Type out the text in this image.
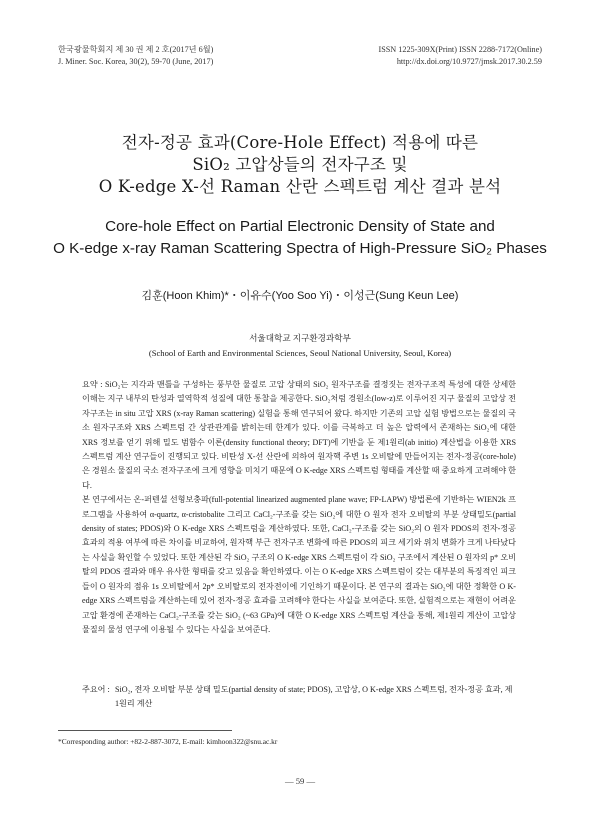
한국광물학회지 제 30 권 제 2 호(2017년 6월)
J. Miner. Soc. Korea, 30(2), 59-70 (June, 2017)
ISSN 1225-309X(Print) ISSN 2288-7172(Online)
http://dx.doi.org/10.9727/jmsk.2017.30.2.59
전자-정공 효과(Core-Hole Effect) 적용에 따른
SiO₂ 고압상들의 전자구조 및
O K-edge X-선 Raman 산란 스펙트럼 계산 결과 분석
Core-hole Effect on Partial Electronic Density of State and
O K-edge x-ray Raman Scattering Spectra of High-Pressure SiO₂ Phases
김훈(Hoon Khim)*・이유수(Yoo Soo Yi)・이성근(Sung Keun Lee)
서울대학교 지구환경과학부
(School of Earth and Environmental Sciences, Seoul National University, Seoul, Korea)

요약 : SiO₂는 지각과 맨틀을 구성하는 풍부한 물질로 고압 상태의 SiO₂ 원자구조를 결정짓는 전자구조적 특성에 대한 상세한 이해는 지구 내부의 탄성과 열역학적 성질에 대한 통찰을 제공한다. SiO₂처럼 경원소(low-z)로 이루어진 지구 물질의 고압상 전자구조는 in situ 고압 XRS (x-ray Raman scattering) 실험을 통해 연구되어 왔다. 하지만 기존의 고압 실험 방법으로는 물질의 국소 원자구조와 XRS 스펙트럼 간 상관관계를 밝히는데 한계가 있다. 이를 극복하고 더 높은 압력에서 존재하는 SiO₂에 대한 XRS 정보를 얻기 위해 밀도 범함수 이론(density functional theory; DFT)에 기반을 둔 제1원리(ab initio) 계산법을 이용한 XRS 스펙트럼 계산 연구들이 진행되고 있다. 비탄성 X-선 산란에 의하여 원자핵 주변 1s 오비탈에 만들어지는 전자-정공(core-hole)은 경원소 물질의 국소 전자구조에 크게 영향을 미치기 때문에 O K-edge XRS 스펙트럼 형태를 계산할 때 중요하게 고려해야 한다.

본 연구에서는 온-퍼텐셜 선형보충파(full-potential linearized augmented plane wave; FP-LAPW) 방법론에 기반하는 WIEN2k 프로그램을 사용하여 α-quartz, α-cristobalite 그리고 CaCl₂-구조를 갖는 SiO₂에 대한 O 원자 전자 오비탈의 부분 상태밀도(partial density of states; PDOS)와 O K-edge XRS 스펙트럼을 계산하였다. 또한, CaCl₂-구조를 갖는 SiO₂의 O 원자 PDOS의 전자-정공 효과의 적용 여부에 따른 차이를 비교하여, 원자핵 부근 전자구조 변화에 따른 PDOS의 피크 세기와 위치 변화가 크게 나타났다는 사실을 확인할 수 있었다. 또한 계산된 각 SiO₂ 구조의 O K-edge XRS 스펙트럼이 각 SiO₂ 구조에서 계산된 O 원자의 p* 오비탈의 PDOS 결과와 매우 유사한 형태를 갖고 있음을 확인하였다. 이는 O K-edge XRS 스펙트럼이 갖는 대부분의 특징적인 피크들이 O 원자의 점유 1s 오비탈에서 2p* 오비탈로의 전자전이에 기인하기 때문이다. 본 연구의 결과는 SiO₂에 대한 정확한 O K-edge XRS 스펙트럼을 계산하는데 있어 전자-정공 효과를 고려해야 한다는 사실을 보여준다. 또한, 실험적으로는 재현이 어려운 고압 환경에 존재하는 CaCl₂-구조를 갖는 SiO₂ (~63 GPa)에 대한 O K-edge XRS 스펙트럼 계산을 통해, 제1원리 계산이 고압상 물질의 물성 연구에 이용될 수 있다는 사실을 보여준다.

주요어 : SiO₂, 전자 오비탈 부분 상태 밀도(partial density of state; PDOS), 고압상, O K-edge XRS 스펙트럼, 전자-정공 효과, 제1원리 계산
*Corresponding author: +82-2-887-3072, E-mail: kimhoon322@snu.ac.kr
― 59 ―
